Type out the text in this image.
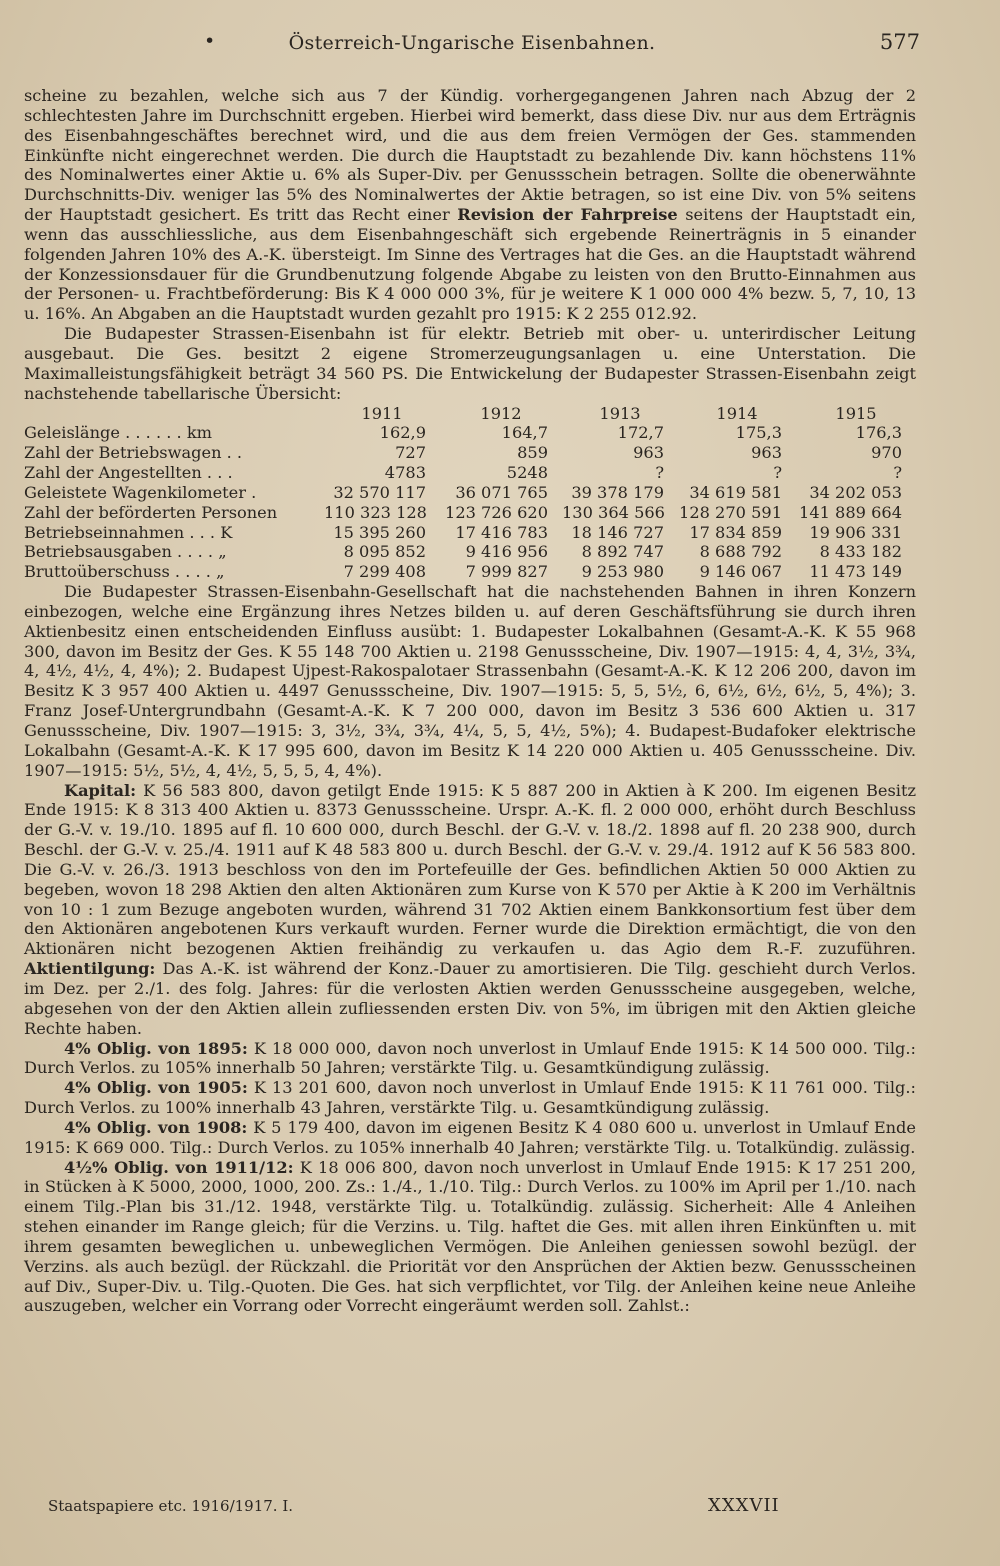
•	Österreich-Ungarische Eisenbahnen.	577

scheine zu bezahlen, welche sich aus 7 der Kündig. vorhergegangenen Jahren nach Abzug der 2 schlechtesten Jahre im Durchschnitt ergeben. Hierbei wird bemerkt, dass diese Div. nur aus dem Erträgnis des Eisenbahngeschäftes berechnet wird, und die aus dem freien Vermögen der Ges. stammenden Einkünfte nicht eingerechnet werden. Die durch die Hauptstadt zu bezahlende Div. kann höchstens 11% des Nominalwertes einer Aktie u. 6% als Super-Div. per Genussschein betragen. Sollte die obenerwähnte Durchschnitts-Div. weniger las 5% des Nominalwertes der Aktie betragen, so ist eine Div. von 5% seitens der Hauptstadt gesichert. Es tritt das Recht einer Revision der Fahrpreise seitens der Hauptstadt ein, wenn das ausschliessliche, aus dem Eisenbahngeschäft sich ergebende Reinerträgnis in 5 einander folgenden Jahren 10% des A.-K. übersteigt. Im Sinne des Vertrages hat die Ges. an die Hauptstadt während der Konzessionsdauer für die Grundbenutzung folgende Abgabe zu leisten von den Brutto-Einnahmen aus der Personen- u. Frachtbeförderung: Bis K 4 000 000 3%, für je weitere K 1 000 000 4% bezw. 5, 7, 10, 13 u. 16%. An Abgaben an die Hauptstadt wurden gezahlt pro 1915: K 2 255 012.92.

Die Budapester Strassen-Eisenbahn ist für elektr. Betrieb mit ober- u. unterirdischer Leitung ausgebaut. Die Ges. besitzt 2 eigene Stromerzeugungsanlagen u. eine Unterstation. Die Maximalleistungsfähigkeit beträgt 34 560 PS. Die Entwickelung der Budapester Strassen-Eisenbahn zeigt nachstehende tabellarische Übersicht:

	1911	1912	1913	1914	1915
Geleislänge . . . . . . km	162,9	164,7	172,7	175,3	176,3
Zahl der Betriebswagen . .	727	859	963	963	970
Zahl der Angestellten . . .	4783	5248	?	?	?
Geleistete Wagenkilometer .	32 570 117	36 071 765	39 378 179	34 619 581	34 202 053
Zahl der beförderten Personen	110 323 128	123 726 620	130 364 566	128 270 591	141 889 664
Betriebseinnahmen . . . K	15 395 260	17 416 783	18 146 727	17 834 859	19 906 331
Betriebsausgaben . . . . „	8 095 852	9 416 956	8 892 747	8 688 792	8 433 182
Bruttoüberschuss . . . . „	7 299 408	7 999 827	9 253 980	9 146 067	11 473 149

Die Budapester Strassen-Eisenbahn-Gesellschaft hat die nachstehenden Bahnen in ihren Konzern einbezogen, welche eine Ergänzung ihres Netzes bilden u. auf deren Geschäftsführung sie durch ihren Aktienbesitz einen entscheidenden Einfluss ausübt: 1. Budapester Lokalbahnen (Gesamt-A.-K. K 55 968 300, davon im Besitz der Ges. K 55 148 700 Aktien u. 2198 Genussscheine, Div. 1907—1915: 4, 4, 3½, 3¾, 4, 4½, 4½, 4, 4%); 2. Budapest Ujpest-Rakospalotaer Strassenbahn (Gesamt-A.-K. K 12 206 200, davon im Besitz K 3 957 400 Aktien u. 4497 Genussscheine, Div. 1907—1915: 5, 5, 5½, 6, 6½, 6½, 6½, 5, 4%); 3. Franz Josef-Untergrundbahn (Gesamt-A.-K. K 7 200 000, davon im Besitz 3 536 600 Aktien u. 317 Genussscheine, Div. 1907—1915: 3, 3½, 3¾, 3¾, 4¼, 5, 5, 4½, 5%); 4. Budapest-Budafoker elektrische Lokalbahn (Gesamt-A.-K. K 17 995 600, davon im Besitz K 14 220 000 Aktien u. 405 Genussscheine. Div. 1907—1915: 5½, 5½, 4, 4½, 5, 5, 5, 4, 4%).

Kapital: K 56 583 800, davon getilgt Ende 1915: K 5 887 200 in Aktien à K 200. Im eigenen Besitz Ende 1915: K 8 313 400 Aktien u. 8373 Genussscheine. Urspr. A.-K. fl. 2 000 000, erhöht durch Beschluss der G.-V. v. 19./10. 1895 auf fl. 10 600 000, durch Beschl. der G.-V. v. 18./2. 1898 auf fl. 20 238 900, durch Beschl. der G.-V. v. 25./4. 1911 auf K 48 583 800 u. durch Beschl. der G.-V. v. 29./4. 1912 auf K 56 583 800. Die G.-V. v. 26./3. 1913 beschloss von den im Portefeuille der Ges. befindlichen Aktien 50 000 Aktien zu begeben, wovon 18 298 Aktien den alten Aktionären zum Kurse von K 570 per Aktie à K 200 im Verhältnis von 10 : 1 zum Bezuge angeboten wurden, während 31 702 Aktien einem Bankkonsortium fest über dem den Aktionären angebotenen Kurs verkauft wurden. Ferner wurde die Direktion ermächtigt, die von den Aktionären nicht bezogenen Aktien freihändig zu verkaufen u. das Agio dem R.-F. zuzuführen. Aktientilgung: Das A.-K. ist während der Konz.-Dauer zu amortisieren. Die Tilg. geschieht durch Verlos. im Dez. per 2./1. des folg. Jahres: für die verlosten Aktien werden Genussscheine ausgegeben, welche, abgesehen von der den Aktien allein zufliessenden ersten Div. von 5%, im übrigen mit den Aktien gleiche Rechte haben.

4% Oblig. von 1895: K 18 000 000, davon noch unverlost in Umlauf Ende 1915: K 14 500 000. Tilg.: Durch Verlos. zu 105% innerhalb 50 Jahren; verstärkte Tilg. u. Gesamtkündigung zulässig.

4% Oblig. von 1905: K 13 201 600, davon noch unverlost in Umlauf Ende 1915: K 11 761 000. Tilg.: Durch Verlos. zu 100% innerhalb 43 Jahren, verstärkte Tilg. u. Gesamtkündigung zulässig.

4% Oblig. von 1908: K 5 179 400, davon im eigenen Besitz K 4 080 600 u. unverlost in Umlauf Ende 1915: K 669 000. Tilg.: Durch Verlos. zu 105% innerhalb 40 Jahren; verstärkte Tilg. u. Totalkündig. zulässig.

4½% Oblig. von 1911/12: K 18 006 800, davon noch unverlost in Umlauf Ende 1915: K 17 251 200, in Stücken à K 5000, 2000, 1000, 200. Zs.: 1./4., 1./10. Tilg.: Durch Verlos. zu 100% im April per 1./10. nach einem Tilg.-Plan bis 31./12. 1948, verstärkte Tilg. u. Totalkündig. zulässig. Sicherheit: Alle 4 Anleihen stehen einander im Range gleich; für die Verzins. u. Tilg. haftet die Ges. mit allen ihren Einkünften u. mit ihrem gesamten beweglichen u. unbeweglichen Vermögen. Die Anleihen geniessen sowohl bezügl. der Verzins. als auch bezügl. der Rückzahl. die Priorität vor den Ansprüchen der Aktien bezw. Genussscheinen auf Div., Super-Div. u. Tilg.-Quoten. Die Ges. hat sich verpflichtet, vor Tilg. der Anleihen keine neue Anleihe auszugeben, welcher ein Vorrang oder Vorrecht eingeräumt werden soll. Zahlst.:

Staatspapiere etc. 1916/1917. I.	XXXVII
